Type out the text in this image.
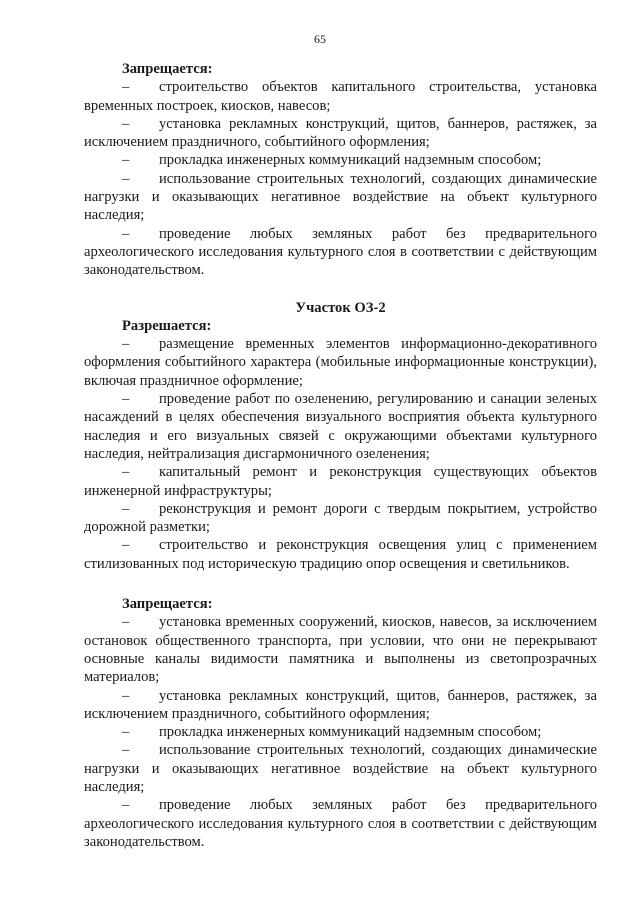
65

Запрещается:

– строительство объектов капитального строительства, установка временных построек, киосков, навесов;

– установка рекламных конструкций, щитов, баннеров, растяжек, за исключением праздничного, событийного оформления;

– прокладка инженерных коммуникаций надземным способом;

– использование строительных технологий, создающих динамические нагрузки и оказывающих негативное воздействие на объект культурного наследия;

– проведение любых земляных работ без предварительного археологического исследования культурного слоя в соответствии с действующим законодательством.

Участок ОЗ-2

Разрешается:

– размещение временных элементов информационно-декоративного оформления событийного характера (мобильные информационные конструкции), включая праздничное оформление;

– проведение работ по озеленению, регулированию и санации зеленых насаждений в целях обеспечения визуального восприятия объекта культурного наследия и его визуальных связей с окружающими объектами культурного наследия, нейтрализация дисгармоничного озеленения;

– капитальный ремонт и реконструкция существующих объектов инженерной инфраструктуры;

– реконструкция и ремонт дороги с твердым покрытием, устройство дорожной разметки;

– строительство и реконструкция освещения улиц с применением стилизованных под историческую традицию опор освещения и светильников.

Запрещается:

– установка временных сооружений, киосков, навесов, за исключением остановок общественного транспорта, при условии, что они не перекрывают основные каналы видимости памятника и выполнены из светопрозрачных материалов;

– установка рекламных конструкций, щитов, баннеров, растяжек, за исключением праздничного, событийного оформления;

– прокладка инженерных коммуникаций надземным способом;

– использование строительных технологий, создающих динамические нагрузки и оказывающих негативное воздействие на объект культурного наследия;

– проведение любых земляных работ без предварительного археологического исследования культурного слоя в соответствии с действующим законодательством.
